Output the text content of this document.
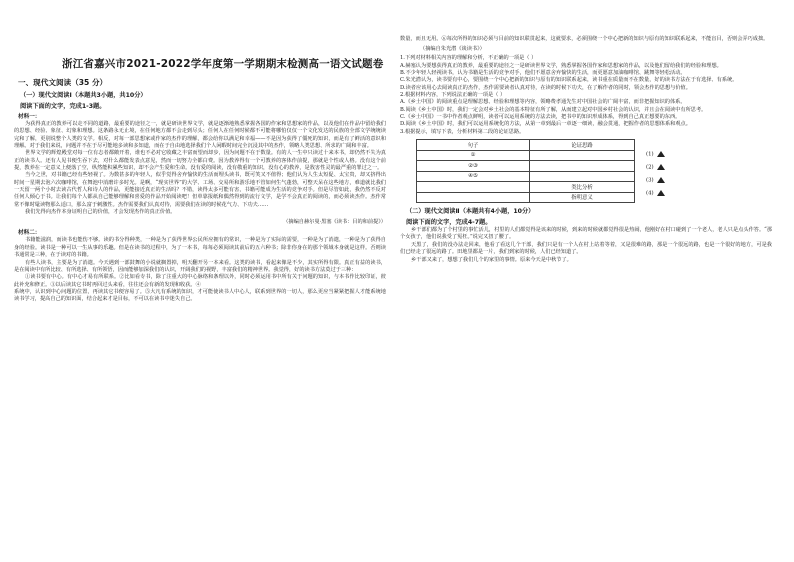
浙江省嘉兴市2021-2022学年度第一学期期末检测高一语文试题卷
一、现代文阅读（35 分）
（一）现代文阅读Ⅰ（本题共3小题，共10分）
阅读下面的文字，完成1-3题。
材料一：

为获得真正的教养可以走不同的道路，最重要的途径之一，就是研读世界文学，就是逐渐地熟悉掌握各国的作家和思想家的作品，以及他们在作品中留给我们的思想、经验、象征、幻象和理想。这条路永无止境，在任何地方都不会走到尽头；任何人在任何时候都不可能将哪怕仅仅一个文化发达的民族的全部文学统统读完和了解，更别说整个人类的文学。相反，对每一部思想家或作家的杰作的理解，都会给你以满足和幸福——不是因为获得了僵死的知识，而是有了鲜活的意识和理解。对于我们来说，问题并不在于尽可能地多读和多知道，而在于自由地选择我们个人闲暇时间完全沉浸其中的杰作，领略人类思想、所求的广阔和丰富。

世界文学的辉煌殿堂对每一位有志者都敞开着，谁也不必对它收藏之丰富而望而却步，因为问题不在于数量。有的人一生中只读过十来本书，却仍然不失为真正的读书人。还有人见书便生吞下去，对什么都能发表点意见，然而一切努力全都白费。因为教养得有一个可教养的客体作前提，那就是个性或人格。没有这个前提，教养在一定意义上便落了空，纵然能积累些知识，却不会产生爱和生命。没有爱的阅读，没有敬重的知识，没有心的教养，是戕害性灵的最严重的罪过之一。

当今之世，对书籍已经有些轻视了。为数甚多的年轻人，似乎觉得舍弃愉快的生活而埋头读书，既可笑又不值得；他们认为人生太短促、太宝贵，却又挤得出时间一星期去泡六次咖啡馆，在舞池中消磨许多时光。是啊，“现实世界”的大学、工场、交易所和游乐地不管如何生气蓬勃，可整天呆在这些地方，难道就比我们一天留一两个小时去读古代哲人和诗人的作品，更能接近真正的生活吗？不错，读得太多可能有害，书籍可能成为生活的竞争对手。但是尽管如此，我仍然不反对任何人倾心于书。让我们每个人都从自己能够理解和喜爱的作品开始阅读吧！但单靠报纸和偶然得到的流行文学，是学不会真正的阅读的，而必须读杰作。杰作常常不像时髦读物那么适口，那么富于刺激性。杰作需要我们认真对待，需要我们在读的时候花气力、下功夫……

我们先得向杰作本身证明自己的价值，才会发现杰作的真正价值。

（摘编自赫尔曼·黑塞《读书：目的和前提》）
材料二：

书籍能滋润，而读书也能伤不够。读的书分得种类，一种是为了获得世界公民所应拥有的常识，一种是为了实际的需要，一种是为了消遣，一种是为了获得自身的经验。读书是一种可以一生从事的乐趣。但是在读书的过程中，为了一本书，每每必须阅读其前后的五六种书；除非你身在的那个领域本身就是这样。否则读书通常是三种，在于读对的书籍。

有些人读书，主要是为了消遣。今天遇到一部鼓舞的小说就搁置掉，明天翻开另一本来看。这类的读书，看起来像是不少，其实所得有限。真正有益的读书，是在阅读中有所比较、有所选择、有所领悟，因而能够加深我们的认识，开阔我们的视野，丰富我们的精神世界。我觉得，好的读书方法莫过于三种：

①读书要有中心。有中心才易有所联系。②比如看专书，除了注重大的中心脉络和条理以外，同时必须运用书中所有关于问题的知识，与本书作比较印证，彼此补充和修正。③以后读其它书时再回过头来看，往往还会有新的发现和收获。④

系统中，认识到中心问题的位置，再读其它书便容易了。⑤大凡有系统的知识，才可能使读书人中心人，联系到世界的一切人，那么更应当紧紧把握人才能系统地读书学习，提高自己的知识面，结合起来才是目标，不可以在读书中迷失自己。

数量，而且无用。⑥每次所得的知识必须与目前的知识联贯起来，这就要求，必须围绕一个中心把新的知识与原有的知识联系起来，不能盲目，否则会弄巧成拙。

（摘编自朱光潜《谈读书》）

1.下列对材料相关内容的理解和分析，不正确的一项是（ ）

A.赫塞认为要想获得真正的教养，最重要的途径之一是研读世界文学，熟悉掌握各国作家和思想家的作品，以及他们留给我们的经验和理想。

B.不少年轻人轻视读书，认为书籍是生活的竞争对手，他们不愿意舍弃愉快的生活，而更愿意加油咖啡馆、跳舞等轻松活动。

C.朱光潜认为，读书要有中心，要围绕一个中心把新的知识与原有的知识联系起来，读书重在质量而不在数量，好的读书方法在于有选择、有系统。

D.读者应该用心去阅读真正的杰作，杰作需要读者认真对待，在读的时候下功夫，在了解作者的同时，领会杰作的思想与价值。

2.根据材料内容，下列说法正确的一项是（ ）

A.《乡土中国》的阅读重点是理解思想、经验和理想等内容，领略费孝通先生对中国社会的广阔丰富，而非把握知识的体系。

B.阅读《乡土中国》时，我们一定会对乡土社会的基本特征有所了解，从而建立起对中国乡村社会的认识，并且会在阅读中有所思考。

C.《乡土中国》一书中作者观点鲜明，读者可以运用系统的方法去读，把书中的知识形成体系，得到自己真正想要的东西。

D.阅读《乡土中国》时，我们可以运用系统化的方法，从第一章到最后一章逐一细读，融会贯通，把握作者的思想体系和观点。

3.根据提示，填写下表，分析材料第二段的论证思路。

句子	论证思路
①	
②③	
④⑤	
	类比分析
	指明意义
(1)
(2)
(3)
(4)
（二）现代文阅读Ⅱ（本题共有4小题，10分）
阅读下面的文字，完成4-7题。

乡干部们都为了个村里的事忙活儿，村里的人们都觉得是该来的时候，到来的时候就都觉得很是热闹，他刚好在村口碰到了一个老人，老人只是点头作答。“那个女孩子，他们说我受了冤枉。”说完又扭了腰了。

天黑了，我们的没办法走回来，他看了看这几个干部，我们只是有一个人在村上站着等着，又是很难的路，那是一个很远的路，也是一个很好的地方，可是我们已经走了很远的路了。田地里都是一片，我们到家的时候，人们已经知道了。

乡干部又来了，想想了我们几个的家里的事情。原来今天是中秋节了。
